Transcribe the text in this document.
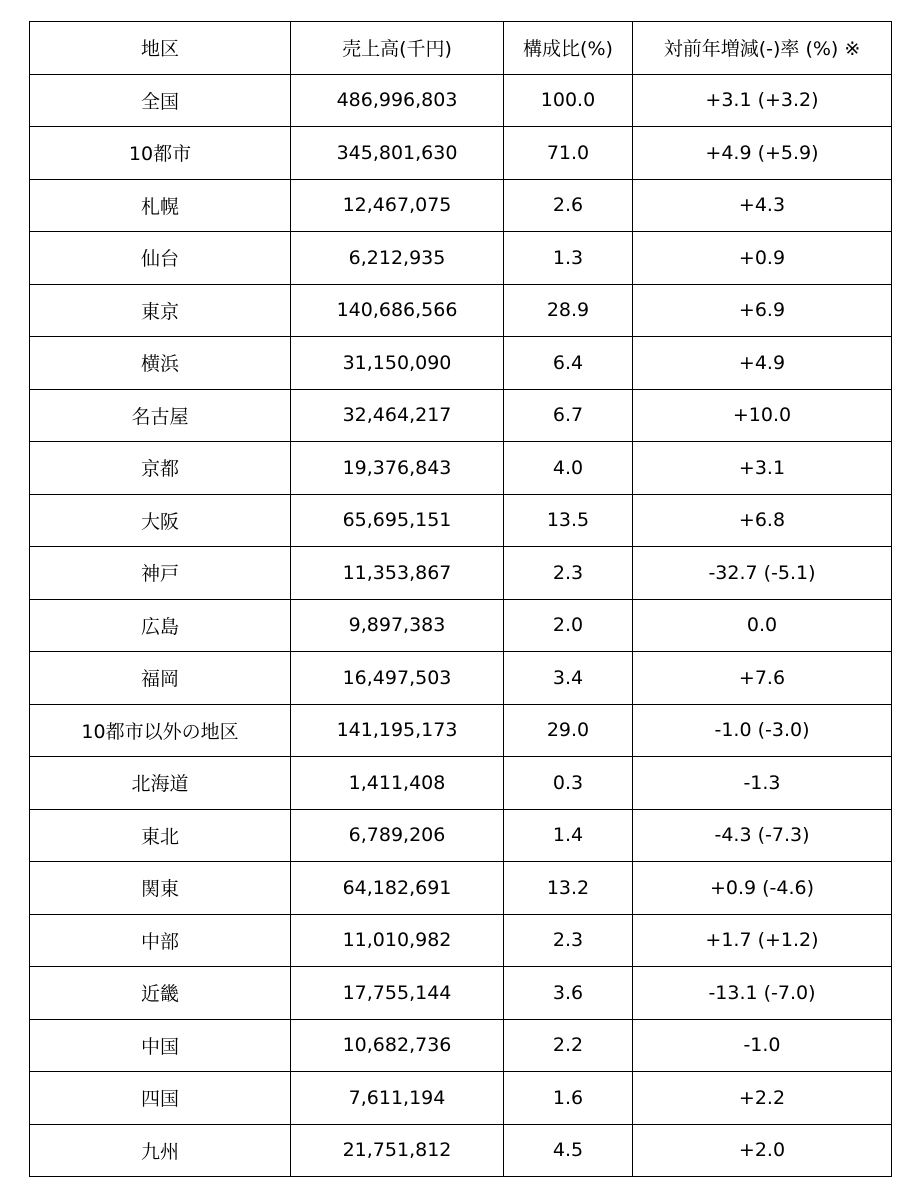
地区	売上高(千円)	構成比(%)	対前年増減(-)率 (%) ※
全国	486,996,803	100.0	+3.1 (+3.2)
10都市	345,801,630	71.0	+4.9 (+5.9)
札幌	12,467,075	2.6	+4.3
仙台	6,212,935	1.3	+0.9
東京	140,686,566	28.9	+6.9
横浜	31,150,090	6.4	+4.9
名古屋	32,464,217	6.7	+10.0
京都	19,376,843	4.0	+3.1
大阪	65,695,151	13.5	+6.8
神戸	11,353,867	2.3	-32.7 (-5.1)
広島	9,897,383	2.0	0.0
福岡	16,497,503	3.4	+7.6
10都市以外の地区	141,195,173	29.0	-1.0 (-3.0)
北海道	1,411,408	0.3	-1.3
東北	6,789,206	1.4	-4.3 (-7.3)
関東	64,182,691	13.2	+0.9 (-4.6)
中部	11,010,982	2.3	+1.7 (+1.2)
近畿	17,755,144	3.6	-13.1 (-7.0)
中国	10,682,736	2.2	-1.0
四国	7,611,194	1.6	+2.2
九州	21,751,812	4.5	+2.0
